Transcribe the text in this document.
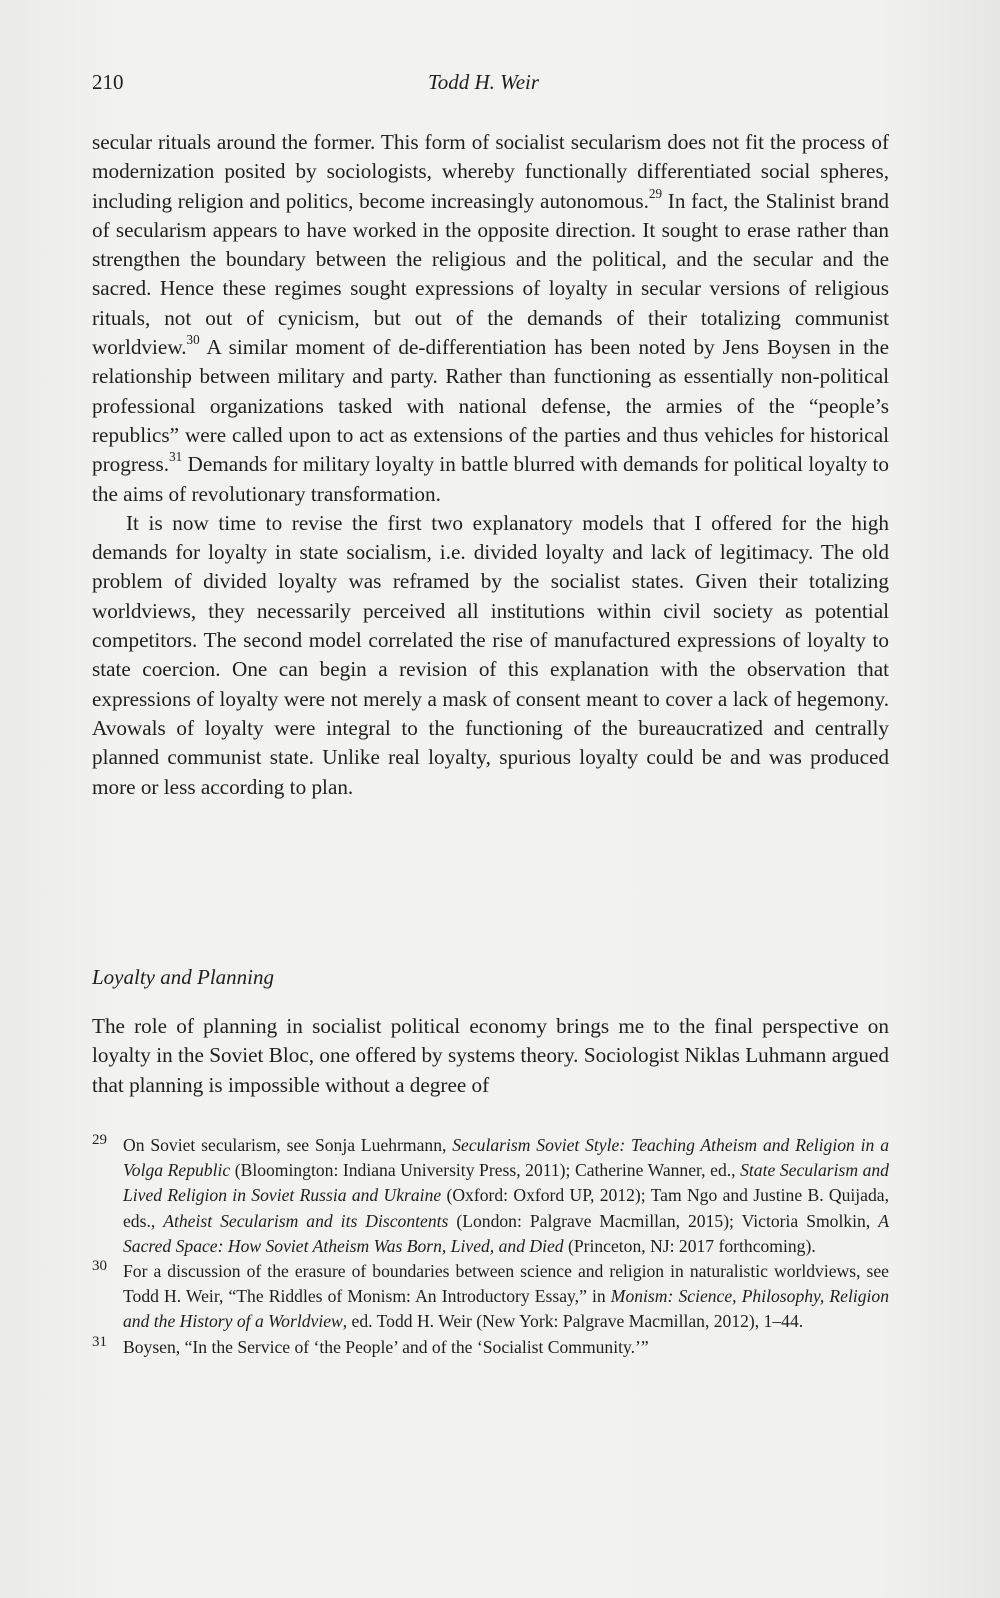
210	Todd H. Weir

secular rituals around the former. This form of socialist secularism does not fit the process of modernization posited by sociologists, whereby functionally differentiated social spheres, including religion and politics, become increasingly autonomous.$^{29}$ In fact, the Stalinist brand of secularism appears to have worked in the opposite direction. It sought to erase rather than strengthen the boundary between the religious and the political, and the secular and the sacred. Hence these regimes sought expressions of loyalty in secular versions of religious rituals, not out of cynicism, but out of the demands of their totalizing communist worldview.$^{30}$ A similar moment of de-differentiation has been noted by Jens Boysen in the relationship between military and party. Rather than functioning as essentially non-political professional organizations tasked with national defense, the armies of the “people’s republics” were called upon to act as extensions of the parties and thus vehicles for historical progress.$^{31}$ Demands for military loyalty in battle blurred with demands for political loyalty to the aims of revolutionary transformation.

It is now time to revise the first two explanatory models that I offered for the high demands for loyalty in state socialism, i.e. divided loyalty and lack of legitimacy. The old problem of divided loyalty was reframed by the socialist states. Given their totalizing worldviews, they necessarily perceived all institutions within civil society as potential competitors. The second model correlated the rise of manufactured expressions of loyalty to state coercion. One can begin a revision of this explanation with the observation that expressions of loyalty were not merely a mask of consent meant to cover a lack of hegemony. Avowals of loyalty were integral to the functioning of the bureaucratized and centrally planned communist state. Unlike real loyalty, spurious loyalty could be and was produced more or less according to plan.

Loyalty and Planning

The role of planning in socialist political economy brings me to the final perspective on loyalty in the Soviet Bloc, one offered by systems theory. Sociologist Niklas Luhmann argued that planning is impossible without a degree of

29 On Soviet secularism, see Sonja Luehrmann, Secularism Soviet Style: Teaching Atheism and Religion in a Volga Republic (Bloomington: Indiana University Press, 2011); Catherine Wanner, ed., State Secularism and Lived Religion in Soviet Russia and Ukraine (Oxford: Oxford UP, 2012); Tam Ngo and Justine B. Quijada, eds., Atheist Secularism and its Discontents (London: Palgrave Macmillan, 2015); Victoria Smolkin, A Sacred Space: How Soviet Atheism Was Born, Lived, and Died (Princeton, NJ: 2017 forthcoming).
30 For a discussion of the erasure of boundaries between science and religion in naturalistic worldviews, see Todd H. Weir, “The Riddles of Monism: An Introductory Essay,” in Monism: Science, Philosophy, Religion and the History of a Worldview, ed. Todd H. Weir (New York: Palgrave Macmillan, 2012), 1–44.
31 Boysen, “In the Service of ‘the People’ and of the ‘Socialist Community.’”
